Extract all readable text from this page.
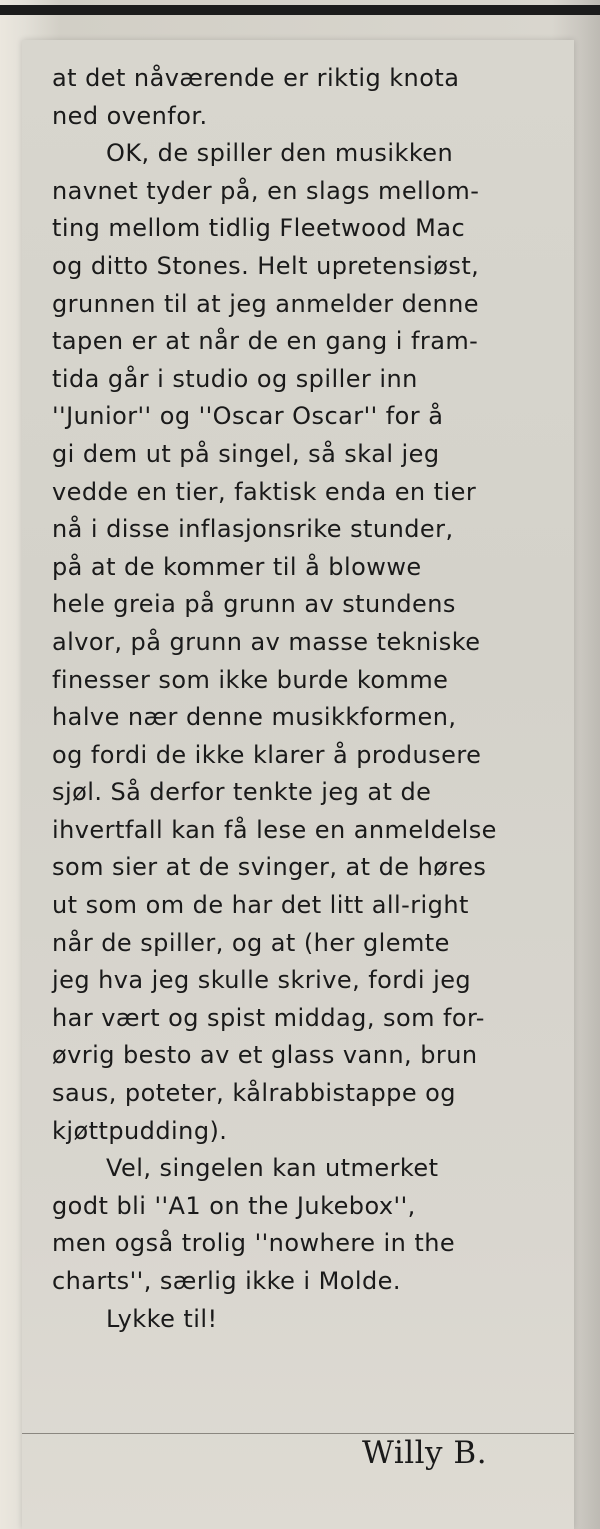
at det nåværende er riktig knota
ned ovenfor.
OK, de spiller den musikken
navnet tyder på, en slags mellom-
ting mellom tidlig Fleetwood Mac
og ditto Stones. Helt upretensiøst,
grunnen til at jeg anmelder denne
tapen er at når de en gang i fram-
tida går i studio og spiller inn
''Junior'' og ''Oscar Oscar'' for å
gi dem ut på singel, så skal jeg
vedde en tier, faktisk enda en tier
nå i disse inflasjonsrike stunder,
på at de kommer til å blowwe
hele greia på grunn av stundens
alvor, på grunn av masse tekniske
finesser som ikke burde komme
halve nær denne musikkformen,
og fordi de ikke klarer å produsere
sjøl. Så derfor tenkte jeg at de
ihvertfall kan få lese en anmeldelse
som sier at de svinger, at de høres
ut som om de har det litt all-right
når de spiller, og at (her glemte
jeg hva jeg skulle skrive, fordi jeg
har vært og spist middag, som for-
øvrig besto av et glass vann, brun
saus, poteter, kålrabbistappe og
kjøttpudding).
Vel, singelen kan utmerket
godt bli ''A1 on the Jukebox'',
men også trolig ''nowhere in the
charts'', særlig ikke i Molde.
Lykke til!
Willy B.
